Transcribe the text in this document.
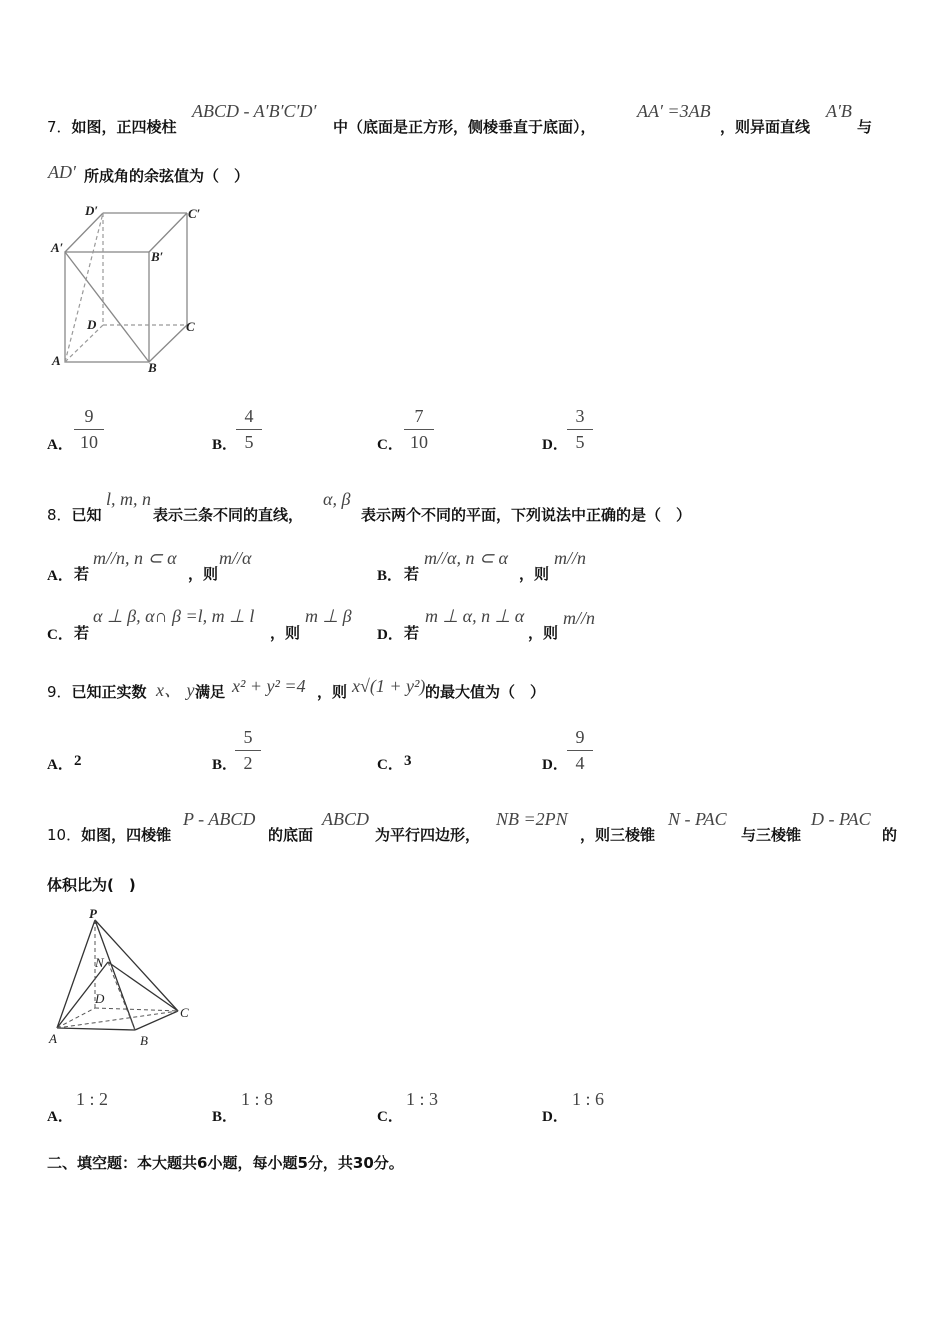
7．如图，正四棱柱
ABCD - A′B′C′D′
中（底面是正方形，侧棱垂直于底面），
AA′ =3AB
，则异面直线
A′B
与
AD′ 所成角的余弦值为（　）
D′	C′
A′
B′
D	C
A	B
A．
9
10	B．
4
5	C．
7
10	D．
3
5
8．已知
l, m, n
表示三条不同的直线，
α, β
表示两个不同的平面，下列说法中正确的是（　）
A． 若
m//n, n ⊂ α
，则
m//α
B． 若
m//α, n ⊂ α
，则
m//n
C． 若
α ⊥ β, α∩ β =l, m ⊥ l
，则
m ⊥ β
D． 若
m ⊥ α, n ⊥ α
，则
m//n
9．已知正实数 x、 y 满足 x² + y² =4 ，则 x√(1 + y²) 的最大值为（　）
A． 2	B．
5
2	C． 3	D．
9
4
10．如图，四棱锥
P - ABCD
的底面
ABCD
为平行四边形，
NB =2PN
，则三棱锥
N - PAC
与三棱锥
D - PAC
的
体积比为(　)
P
N
D
C
A	B
A．
1 : 2
B．
1 : 8
C．
1 : 3
D．
1 : 6
二、填空题：本大题共6小题，每小题5分，共30分。
